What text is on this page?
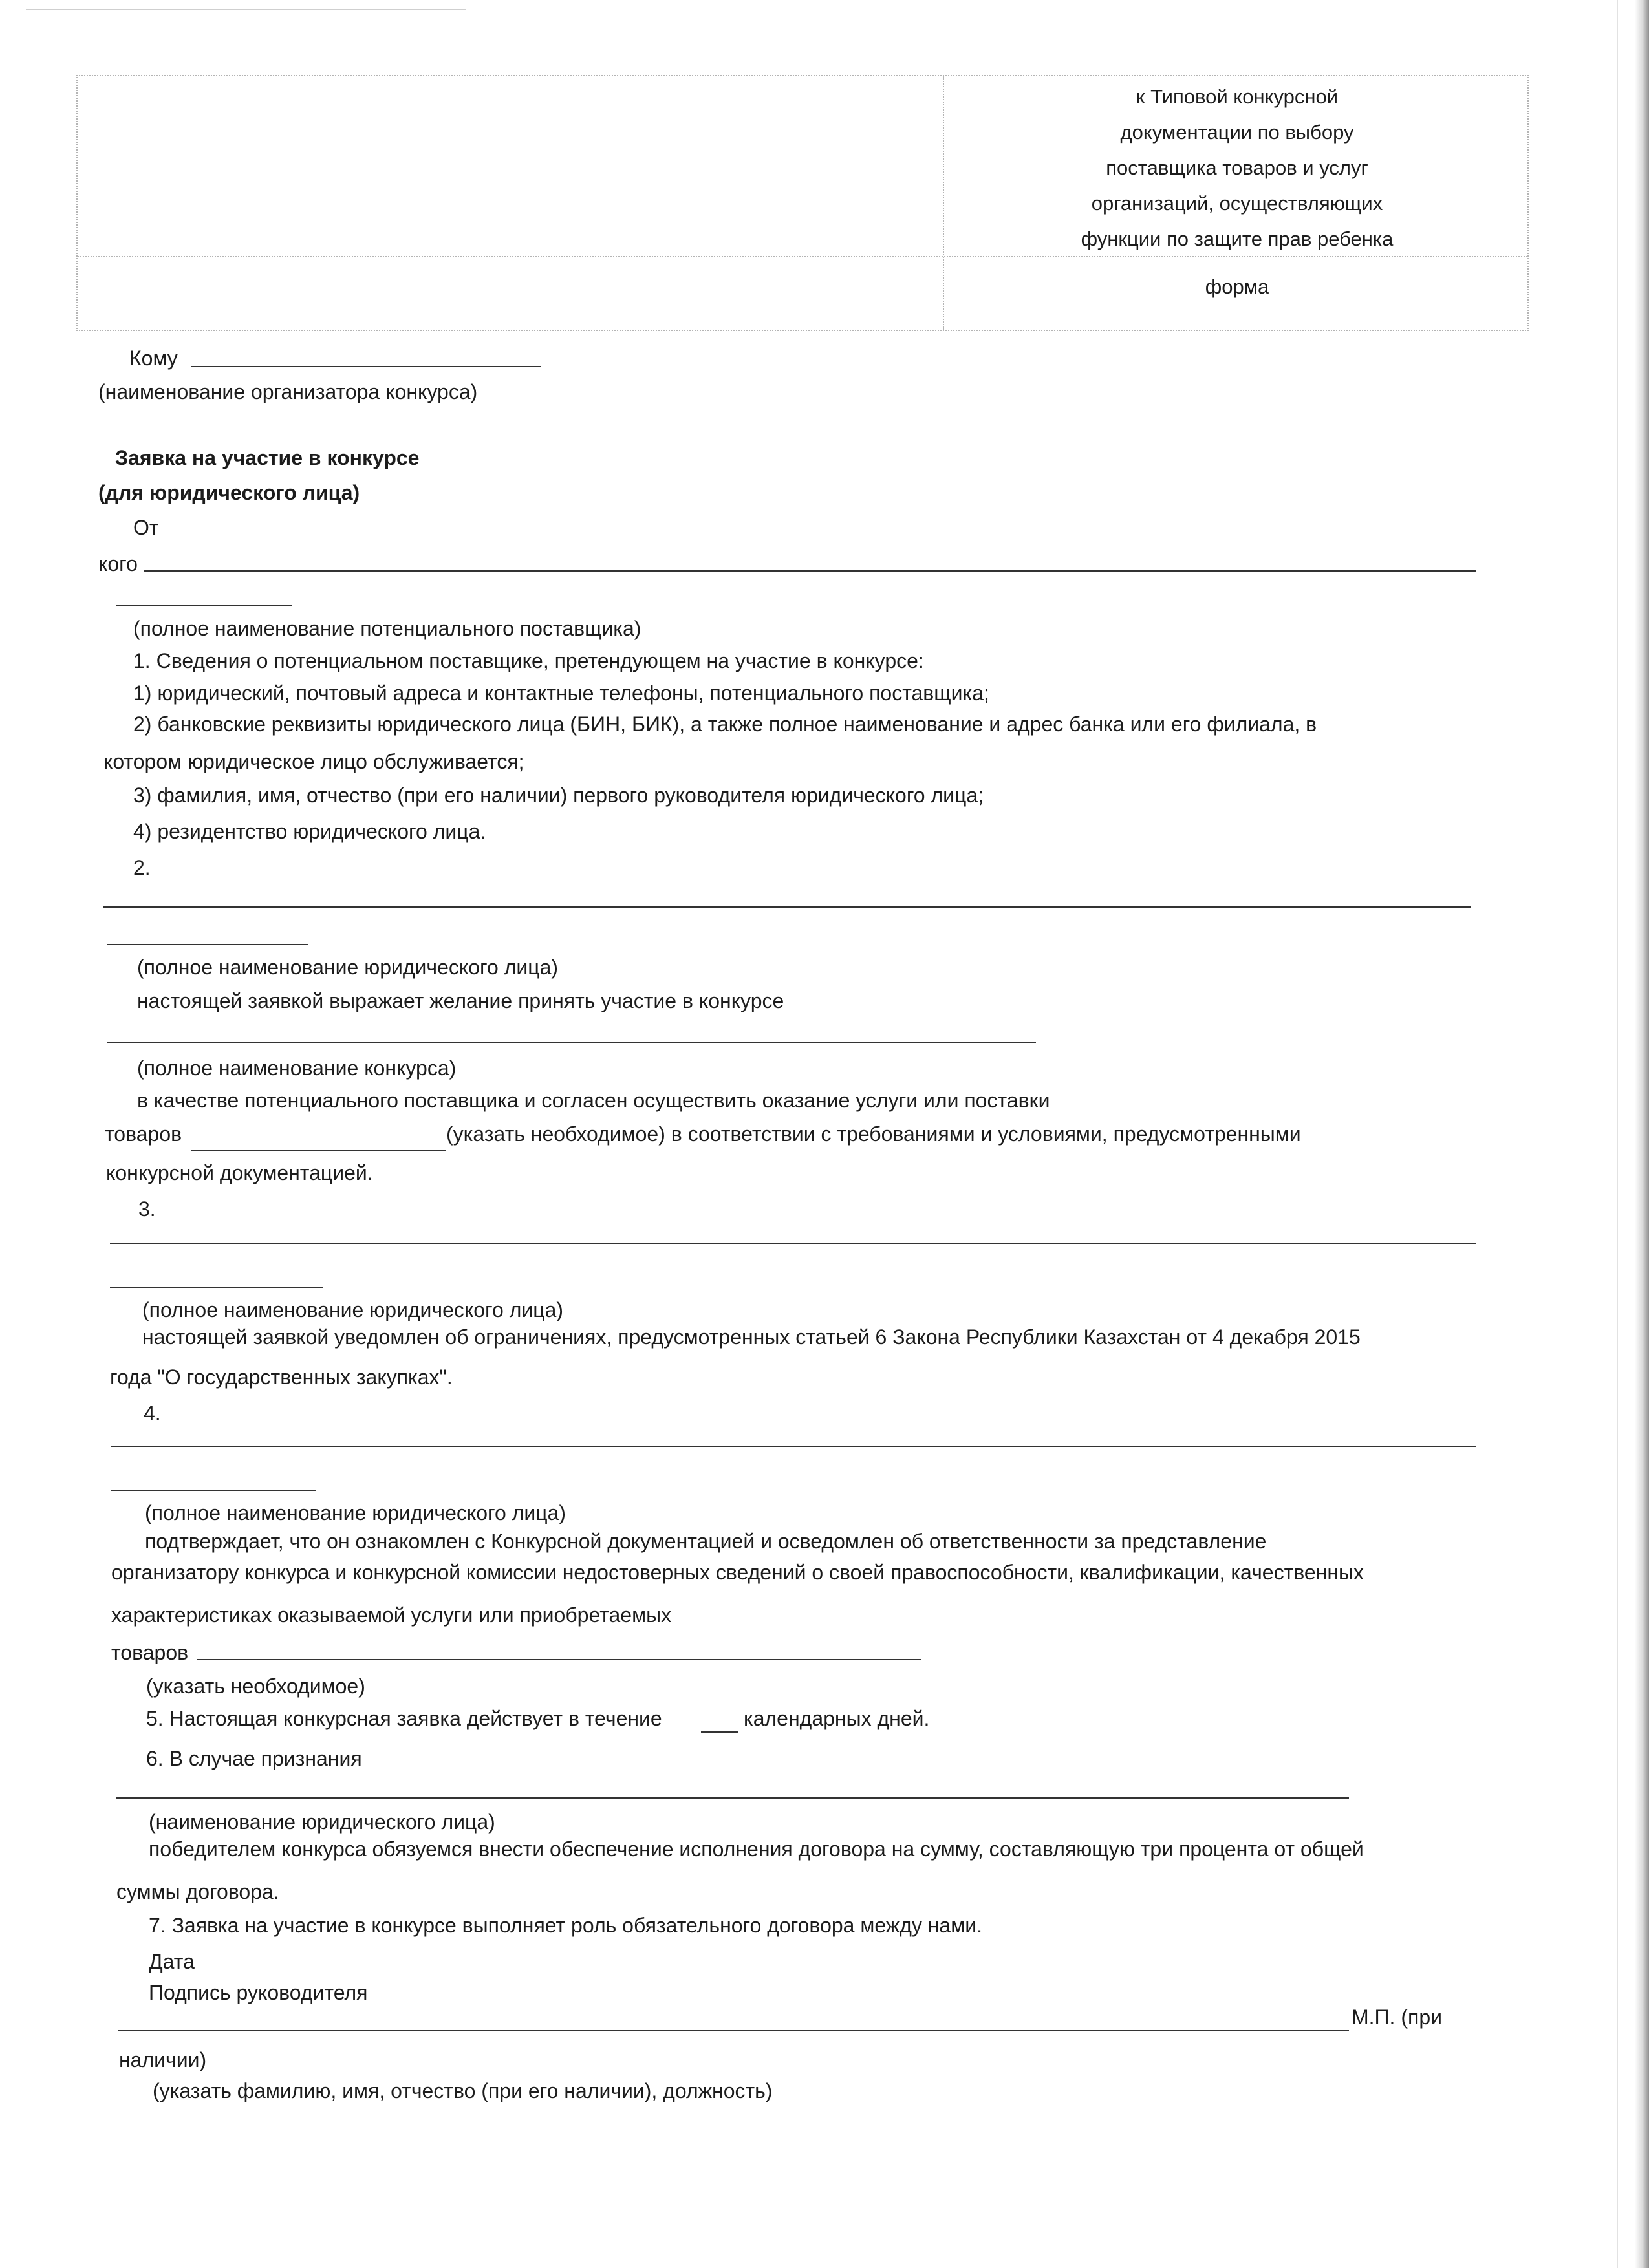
к Типовой конкурсной
документации по выбору
поставщика товаров и услуг
организаций, осуществляющих
функции по защите прав ребенка
форма
Кому
(наименование организатора конкурса)
Заявка на участие в конкурсе
(для юридического лица)
От
кого
(полное наименование потенциального поставщика)
1. Сведения о потенциальном поставщике, претендующем на участие в конкурсе:
1) юридический, почтовый адреса и контактные телефоны, потенциального поставщика;
2) банковские реквизиты юридического лица (БИН, БИК), а также полное наименование и адрес банка или его филиала, в
котором юридическое лицо обслуживается;
3) фамилия, имя, отчество (при его наличии) первого руководителя юридического лица;
4) резидентство юридического лица.
2.
(полное наименование юридического лица)
настоящей заявкой выражает желание принять участие в конкурсе
(полное наименование конкурса)
в качестве потенциального поставщика и согласен осуществить оказание услуги или поставки
товаров	(указать необходимое) в соответствии с требованиями и условиями, предусмотренными
конкурсной документацией.
3.
(полное наименование юридического лица)
настоящей заявкой уведомлен об ограничениях, предусмотренных статьей 6 Закона Республики Казахстан от 4 декабря 2015
года "О государственных закупках".
4.
(полное наименование юридического лица)
подтверждает, что он ознакомлен с Конкурсной документацией и осведомлен об ответственности за представление
организатору конкурса и конкурсной комиссии недостоверных сведений о своей правоспособности, квалификации, качественных
характеристиках оказываемой услуги или приобретаемых
товаров
(указать необходимое)
5. Настоящая конкурсная заявка действует в течение	календарных дней.
6. В случае признания
(наименование юридического лица)
победителем конкурса обязуемся внести обеспечение исполнения договора на сумму, составляющую три процента от общей
суммы договора.
7. Заявка на участие в конкурсе выполняет роль обязательного договора между нами.
Дата
Подпись руководителя
М.П. (при
наличии)
(указать фамилию, имя, отчество (при его наличии), должность)
